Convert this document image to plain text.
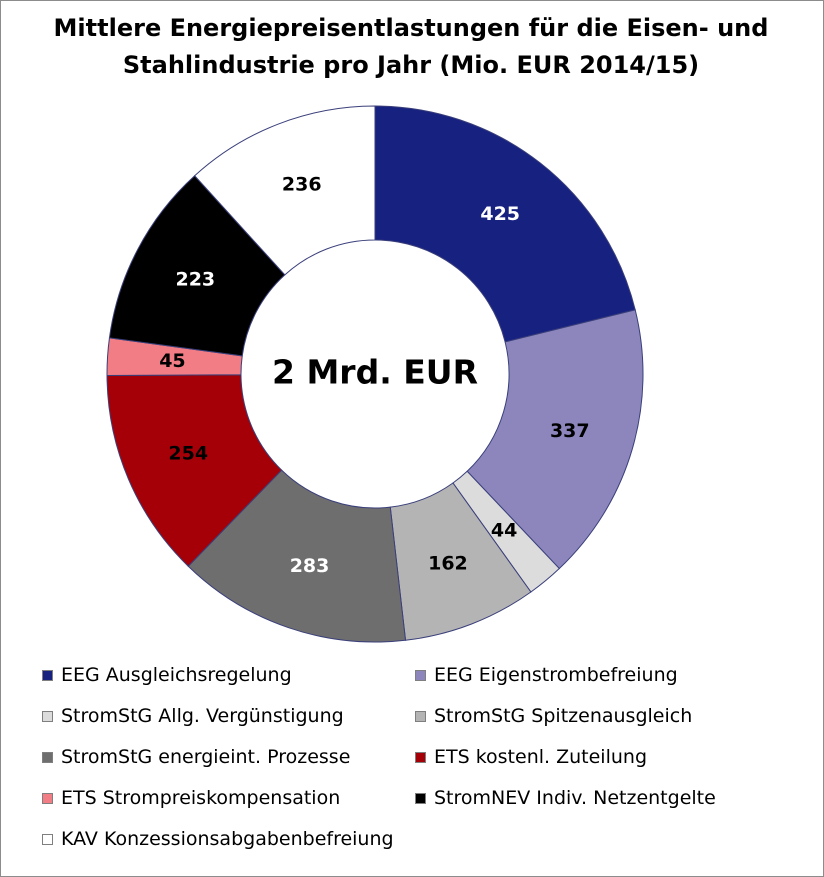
Mittlere Energiepreisentlastungen für die Eisen- und
Stahlindustrie pro Jahr (Mio. EUR 2014/15)
425
337
44
162
283
254
45
223
236
2 Mrd. EUR
EEG Ausgleichsregelung	EEG Eigenstrombefreiung
StromStG Allg. Vergünstigung	StromStG Spitzenausgleich
StromStG energieint. Prozesse	ETS kostenl. Zuteilung
ETS Strompreiskompensation	StromNEV Indiv. Netzentgelte
KAV Konzessionsabgabenbefreiung
